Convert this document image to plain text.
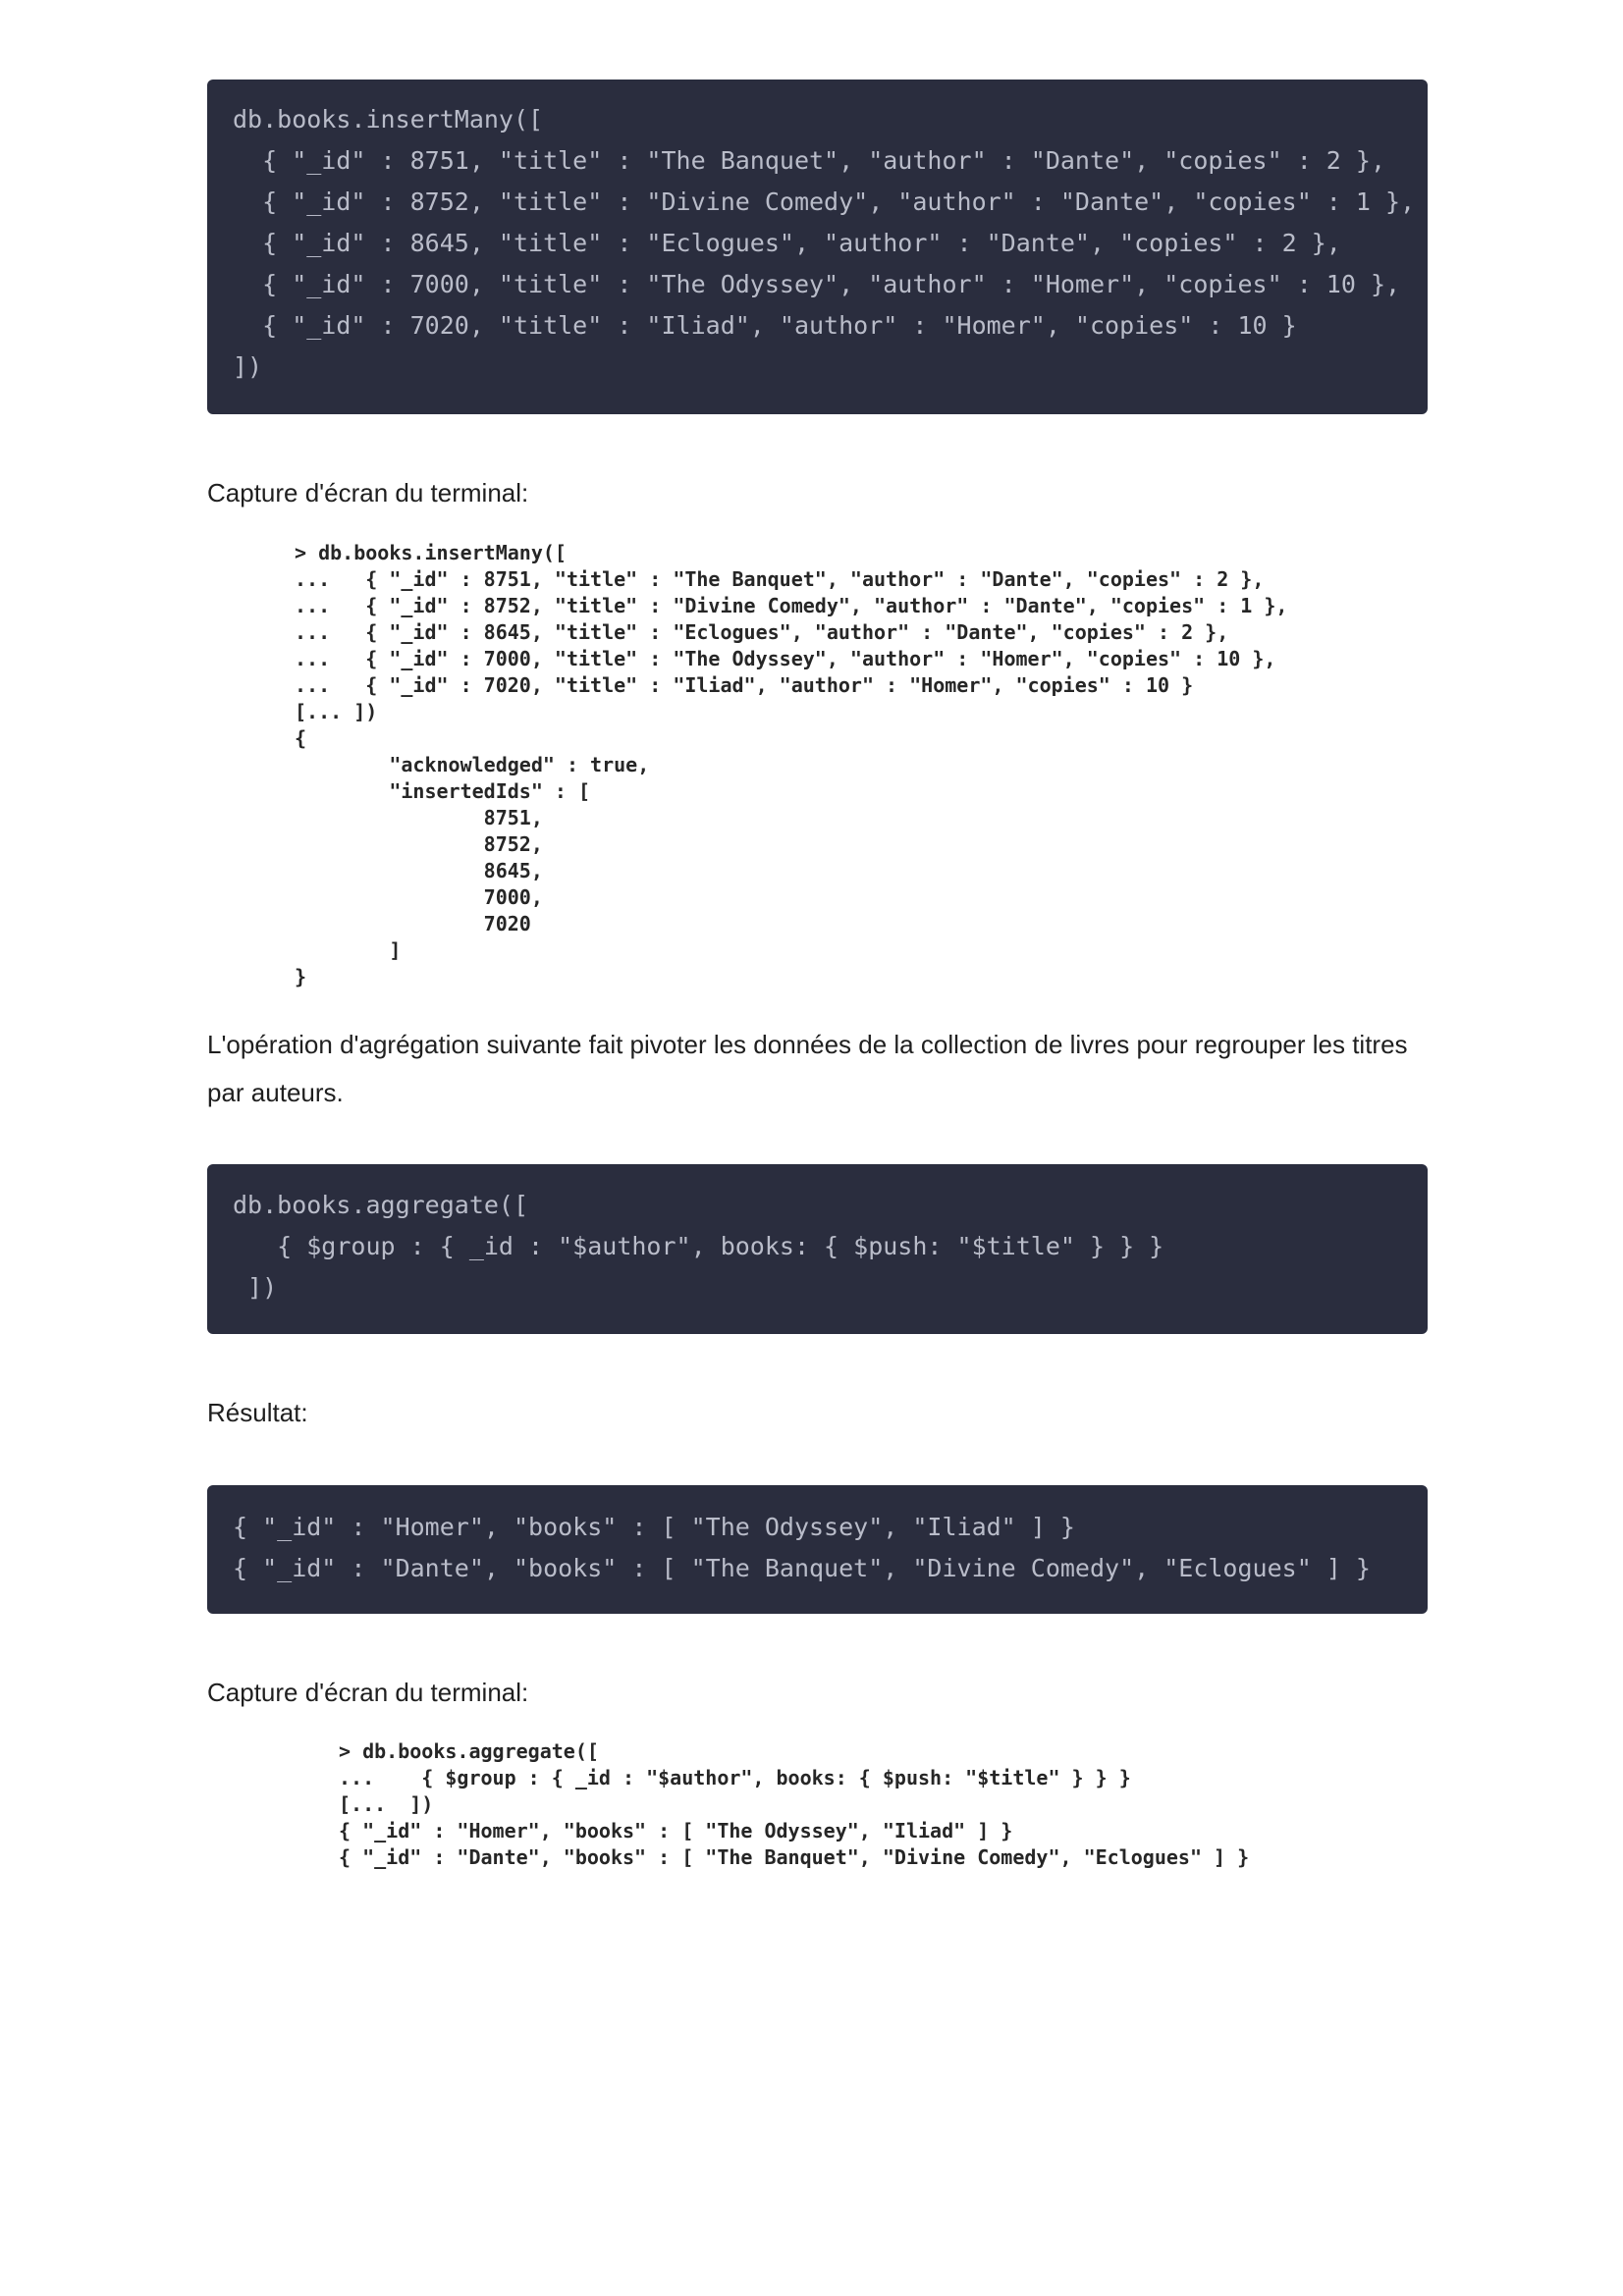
db.books.insertMany([
{ "_id" : 8751, "title" : "The Banquet", "author" : "Dante", "copies" : 2 },
{ "_id" : 8752, "title" : "Divine Comedy", "author" : "Dante", "copies" : 1 },
{ "_id" : 8645, "title" : "Eclogues", "author" : "Dante", "copies" : 2 },
{ "_id" : 7000, "title" : "The Odyssey", "author" : "Homer", "copies" : 10 },
{ "_id" : 7020, "title" : "Iliad", "author" : "Homer", "copies" : 10 }
])
Capture d'écran du terminal:
> db.books.insertMany([
...   { "_id" : 8751, "title" : "The Banquet", "author" : "Dante", "copies" : 2 },
...   { "_id" : 8752, "title" : "Divine Comedy", "author" : "Dante", "copies" : 1 },
...   { "_id" : 8645, "title" : "Eclogues", "author" : "Dante", "copies" : 2 },
...   { "_id" : 7000, "title" : "The Odyssey", "author" : "Homer", "copies" : 10 },
...   { "_id" : 7020, "title" : "Iliad", "author" : "Homer", "copies" : 10 }
[... ])
{
"acknowledged" : true,
"insertedIds" : [
8751,
8752,
8645,
7000,
7020
]
}
L'opération d'agrégation suivante fait pivoter les données de la collection de livres pour regrouper les titres par auteurs.
db.books.aggregate([
{ $group : { _id : "$author", books: { $push: "$title" } } }
])
Résultat:
{ "_id" : "Homer", "books" : [ "The Odyssey", "Iliad" ] }
{ "_id" : "Dante", "books" : [ "The Banquet", "Divine Comedy", "Eclogues" ] }
Capture d'écran du terminal:
> db.books.aggregate([
...    { $group : { _id : "$author", books: { $push: "$title" } } }
[...  ])
{ "_id" : "Homer", "books" : [ "The Odyssey", "Iliad" ] }
{ "_id" : "Dante", "books" : [ "The Banquet", "Divine Comedy", "Eclogues" ] }
